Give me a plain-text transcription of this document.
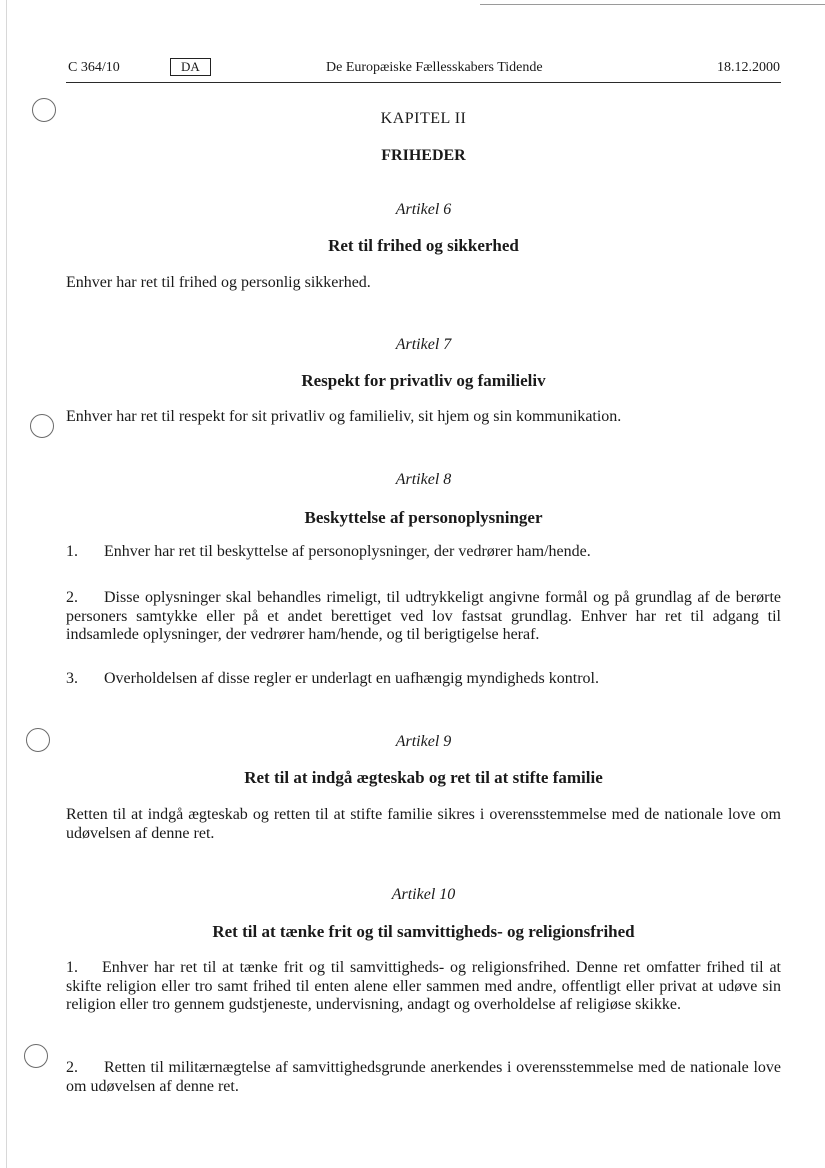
C 364/10	DA	De Europæiske Fællesskabers Tidende	18.12.2000
KAPITEL II
FRIHEDER
Artikel 6
Ret til frihed og sikkerhed
Enhver har ret til frihed og personlig sikkerhed.
Artikel 7
Respekt for privatliv og familieliv
Enhver har ret til respekt for sit privatliv og familieliv, sit hjem og sin kommunikation.
Artikel 8
Beskyttelse af personoplysninger
1. Enhver har ret til beskyttelse af personoplysninger, der vedrører ham/hende.
2. Disse oplysninger skal behandles rimeligt, til udtrykkeligt angivne formål og på grundlag af de berørte personers samtykke eller på et andet berettiget ved lov fastsat grundlag. Enhver har ret til adgang til indsamlede oplysninger, der vedrører ham/hende, og til berigtigelse heraf.
3. Overholdelsen af disse regler er underlagt en uafhængig myndigheds kontrol.
Artikel 9
Ret til at indgå ægteskab og ret til at stifte familie
Retten til at indgå ægteskab og retten til at stifte familie sikres i overensstemmelse med de nationale love om udøvelsen af denne ret.
Artikel 10
Ret til at tænke frit og til samvittigheds- og religionsfrihed
1. Enhver har ret til at tænke frit og til samvittigheds- og religionsfrihed. Denne ret omfatter frihed til at skifte religion eller tro samt frihed til enten alene eller sammen med andre, offentligt eller privat at udøve sin religion eller tro gennem gudstjeneste, undervisning, andagt og overholdelse af religiøse skikke.
2. Retten til militærnægtelse af samvittighedsgrunde anerkendes i overensstemmelse med de nationale love om udøvelsen af denne ret.
